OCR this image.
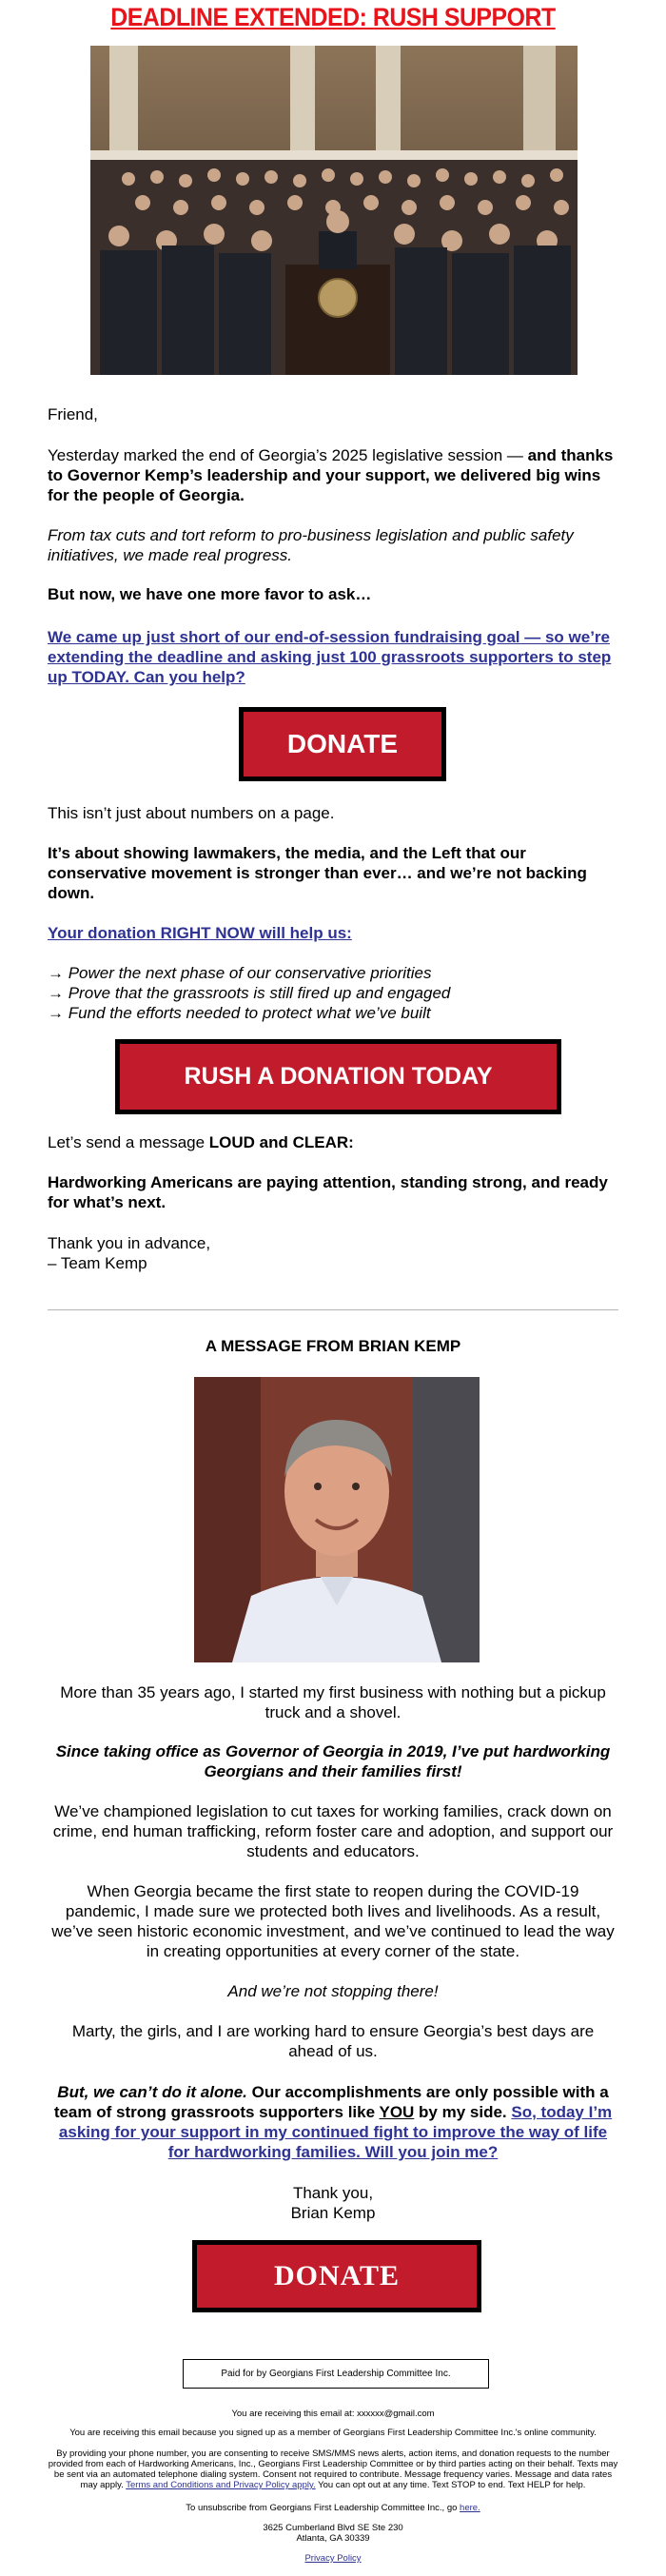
DEADLINE EXTENDED: RUSH SUPPORT
Friend,
Yesterday marked the end of Georgia’s 2025 legislative session — and thanks to Governor Kemp’s leadership and your support, we delivered big wins for the people of Georgia.
From tax cuts and tort reform to pro-business legislation and public safety initiatives, we made real progress.
But now, we have one more favor to ask…
We came up just short of our end-of-session fundraising goal — so we’re extending the deadline and asking just 100 grassroots supporters to step up TODAY. Can you help?
DONATE
This isn’t just about numbers on a page.
It’s about showing lawmakers, the media, and the Left that our conservative movement is stronger than ever… and we’re not backing down.
Your donation RIGHT NOW will help us:
→ Power the next phase of our conservative priorities
→ Prove that the grassroots is still fired up and engaged
→ Fund the efforts needed to protect what we’ve built
RUSH A DONATION TODAY
Let’s send a message LOUD and CLEAR:
Hardworking Americans are paying attention, standing strong, and ready for what’s next.
Thank you in advance,
– Team Kemp
A MESSAGE FROM BRIAN KEMP
More than 35 years ago, I started my first business with nothing but a pickup truck and a shovel.
Since taking office as Governor of Georgia in 2019, I’ve put hardworking Georgians and their families first!
We’ve championed legislation to cut taxes for working families, crack down on crime, end human trafficking, reform foster care and adoption, and support our students and educators.
When Georgia became the first state to reopen during the COVID-19 pandemic, I made sure we protected both lives and livelihoods. As a result, we’ve seen historic economic investment, and we’ve continued to lead the way in creating opportunities at every corner of the state.
And we’re not stopping there!
Marty, the girls, and I are working hard to ensure Georgia’s best days are ahead of us.
But, we can’t do it alone. Our accomplishments are only possible with a team of strong grassroots supporters like YOU by my side. So, today I’m asking for your support in my continued fight to improve the way of life for hardworking families. Will you join me?
Thank you,
Brian Kemp
DONATE
Paid for by Georgians First Leadership Committee Inc.
You are receiving this email at: xxxxxx@gmail.com
You are receiving this email because you signed up as a member of Georgians First Leadership Committee Inc.'s online community.
By providing your phone number, you are consenting to receive SMS/MMS news alerts, action items, and donation requests to the number provided from each of Hardworking Americans, Inc., Georgians First Leadership Committee or by third parties acting on their behalf. Texts may be sent via an automated telephone dialing system. Consent not required to contribute. Message frequency varies. Message and data rates may apply. Terms and Conditions and Privacy Policy apply. You can opt out at any time. Text STOP to end. Text HELP for help.
To unsubscribe from Georgians First Leadership Committee Inc., go here.
3625 Cumberland Blvd SE Ste 230
Atlanta, GA 30339
Privacy Policy
